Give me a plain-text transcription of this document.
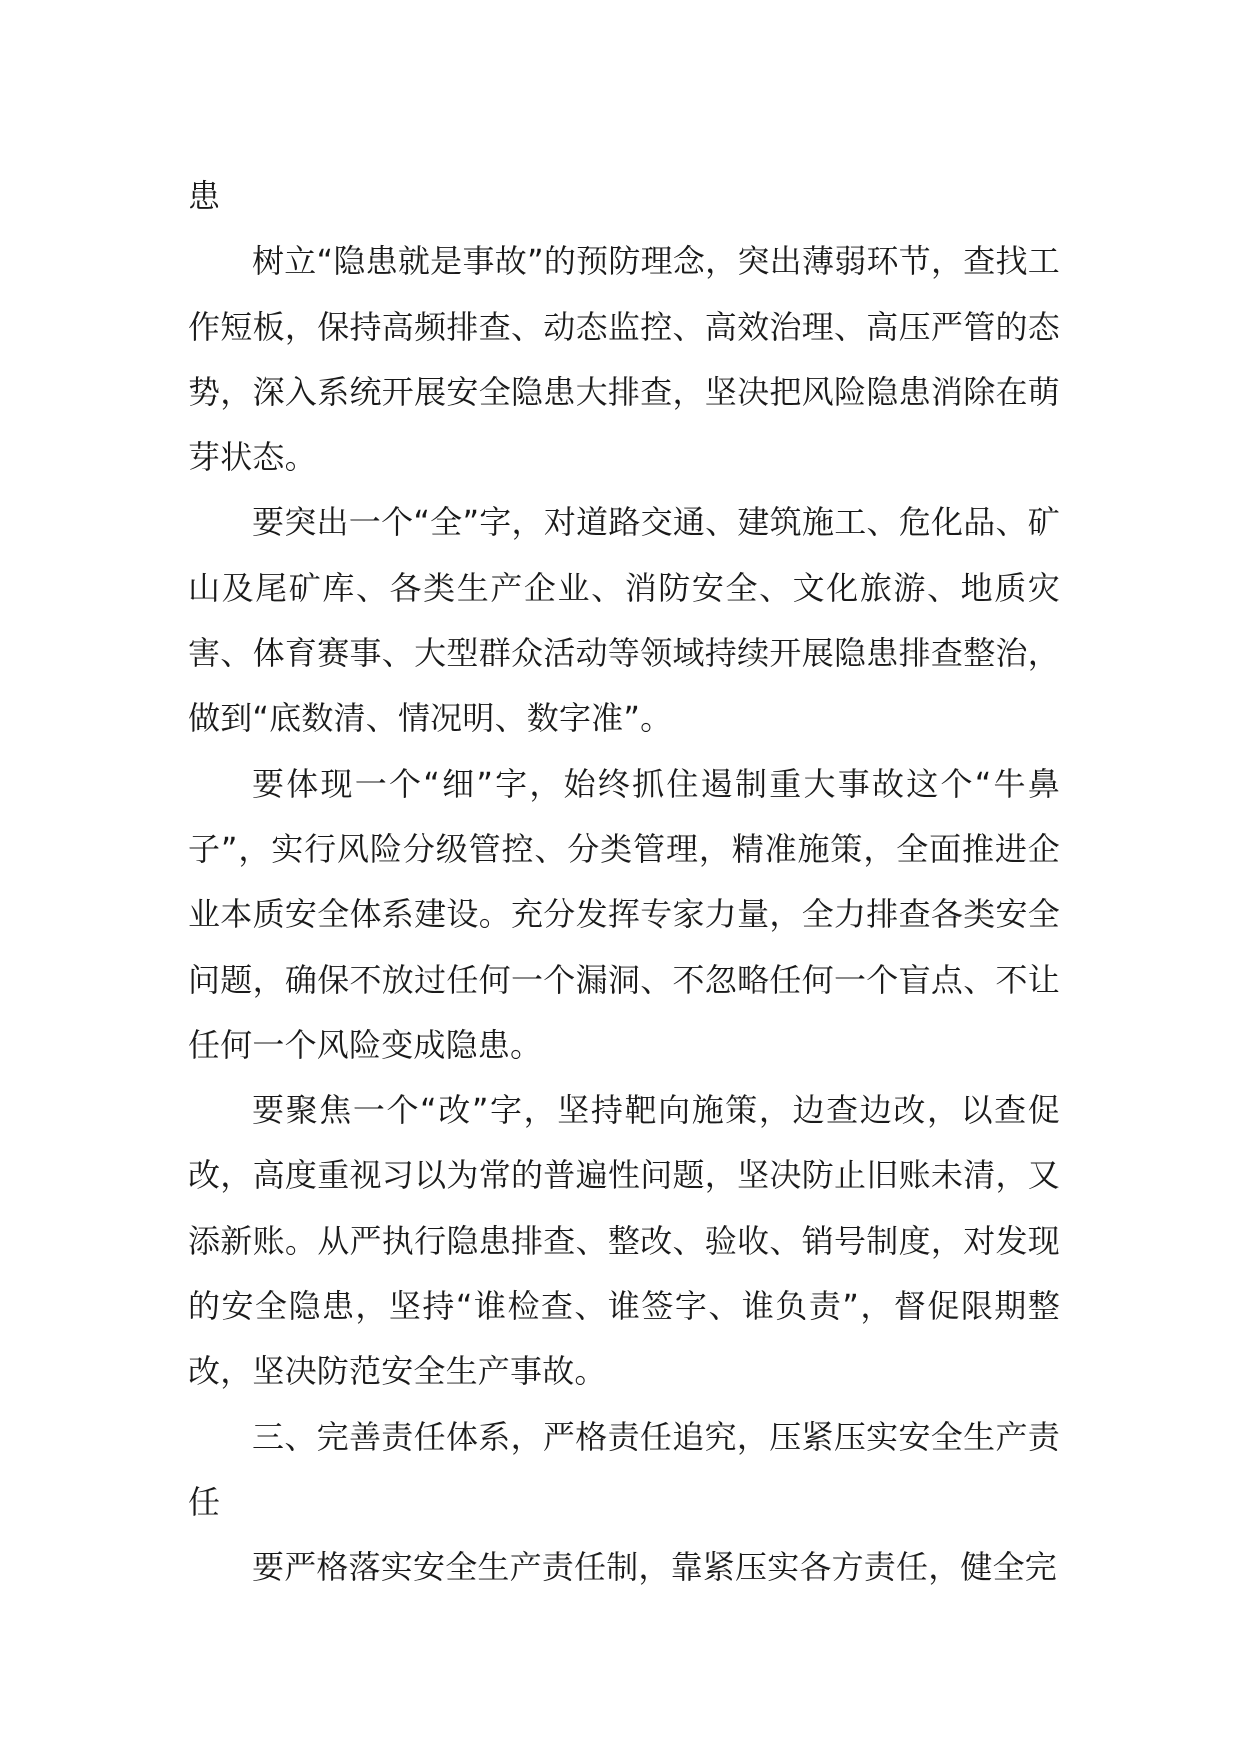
患

树立“隐患就是事故”的预防理念，突出薄弱环节，查找工作短板，保持高频排查、动态监控、高效治理、高压严管的态势，深入系统开展安全隐患大排查，坚决把风险隐患消除在萌芽状态。

要突出一个“全”字，对道路交通、建筑施工、危化品、矿山及尾矿库、各类生产企业、消防安全、文化旅游、地质灾害、体育赛事、大型群众活动等领域持续开展隐患排查整治，做到“底数清、情况明、数字准”。

要体现一个“细”字，始终抓住遏制重大事故这个“牛鼻子”，实行风险分级管控、分类管理，精准施策，全面推进企业本质安全体系建设。充分发挥专家力量，全力排查各类安全问题，确保不放过任何一个漏洞、不忽略任何一个盲点、不让任何一个风险变成隐患。

要聚焦一个“改”字，坚持靶向施策，边查边改，以查促改，高度重视习以为常的普遍性问题，坚决防止旧账未清，又添新账。从严执行隐患排查、整改、验收、销号制度，对发现的安全隐患，坚持“谁检查、谁签字、谁负责”，督促限期整改，坚决防范安全生产事故。

三、完善责任体系，严格责任追究，压紧压实安全生产责任

要严格落实安全生产责任制，靠紧压实各方责任，健全完
